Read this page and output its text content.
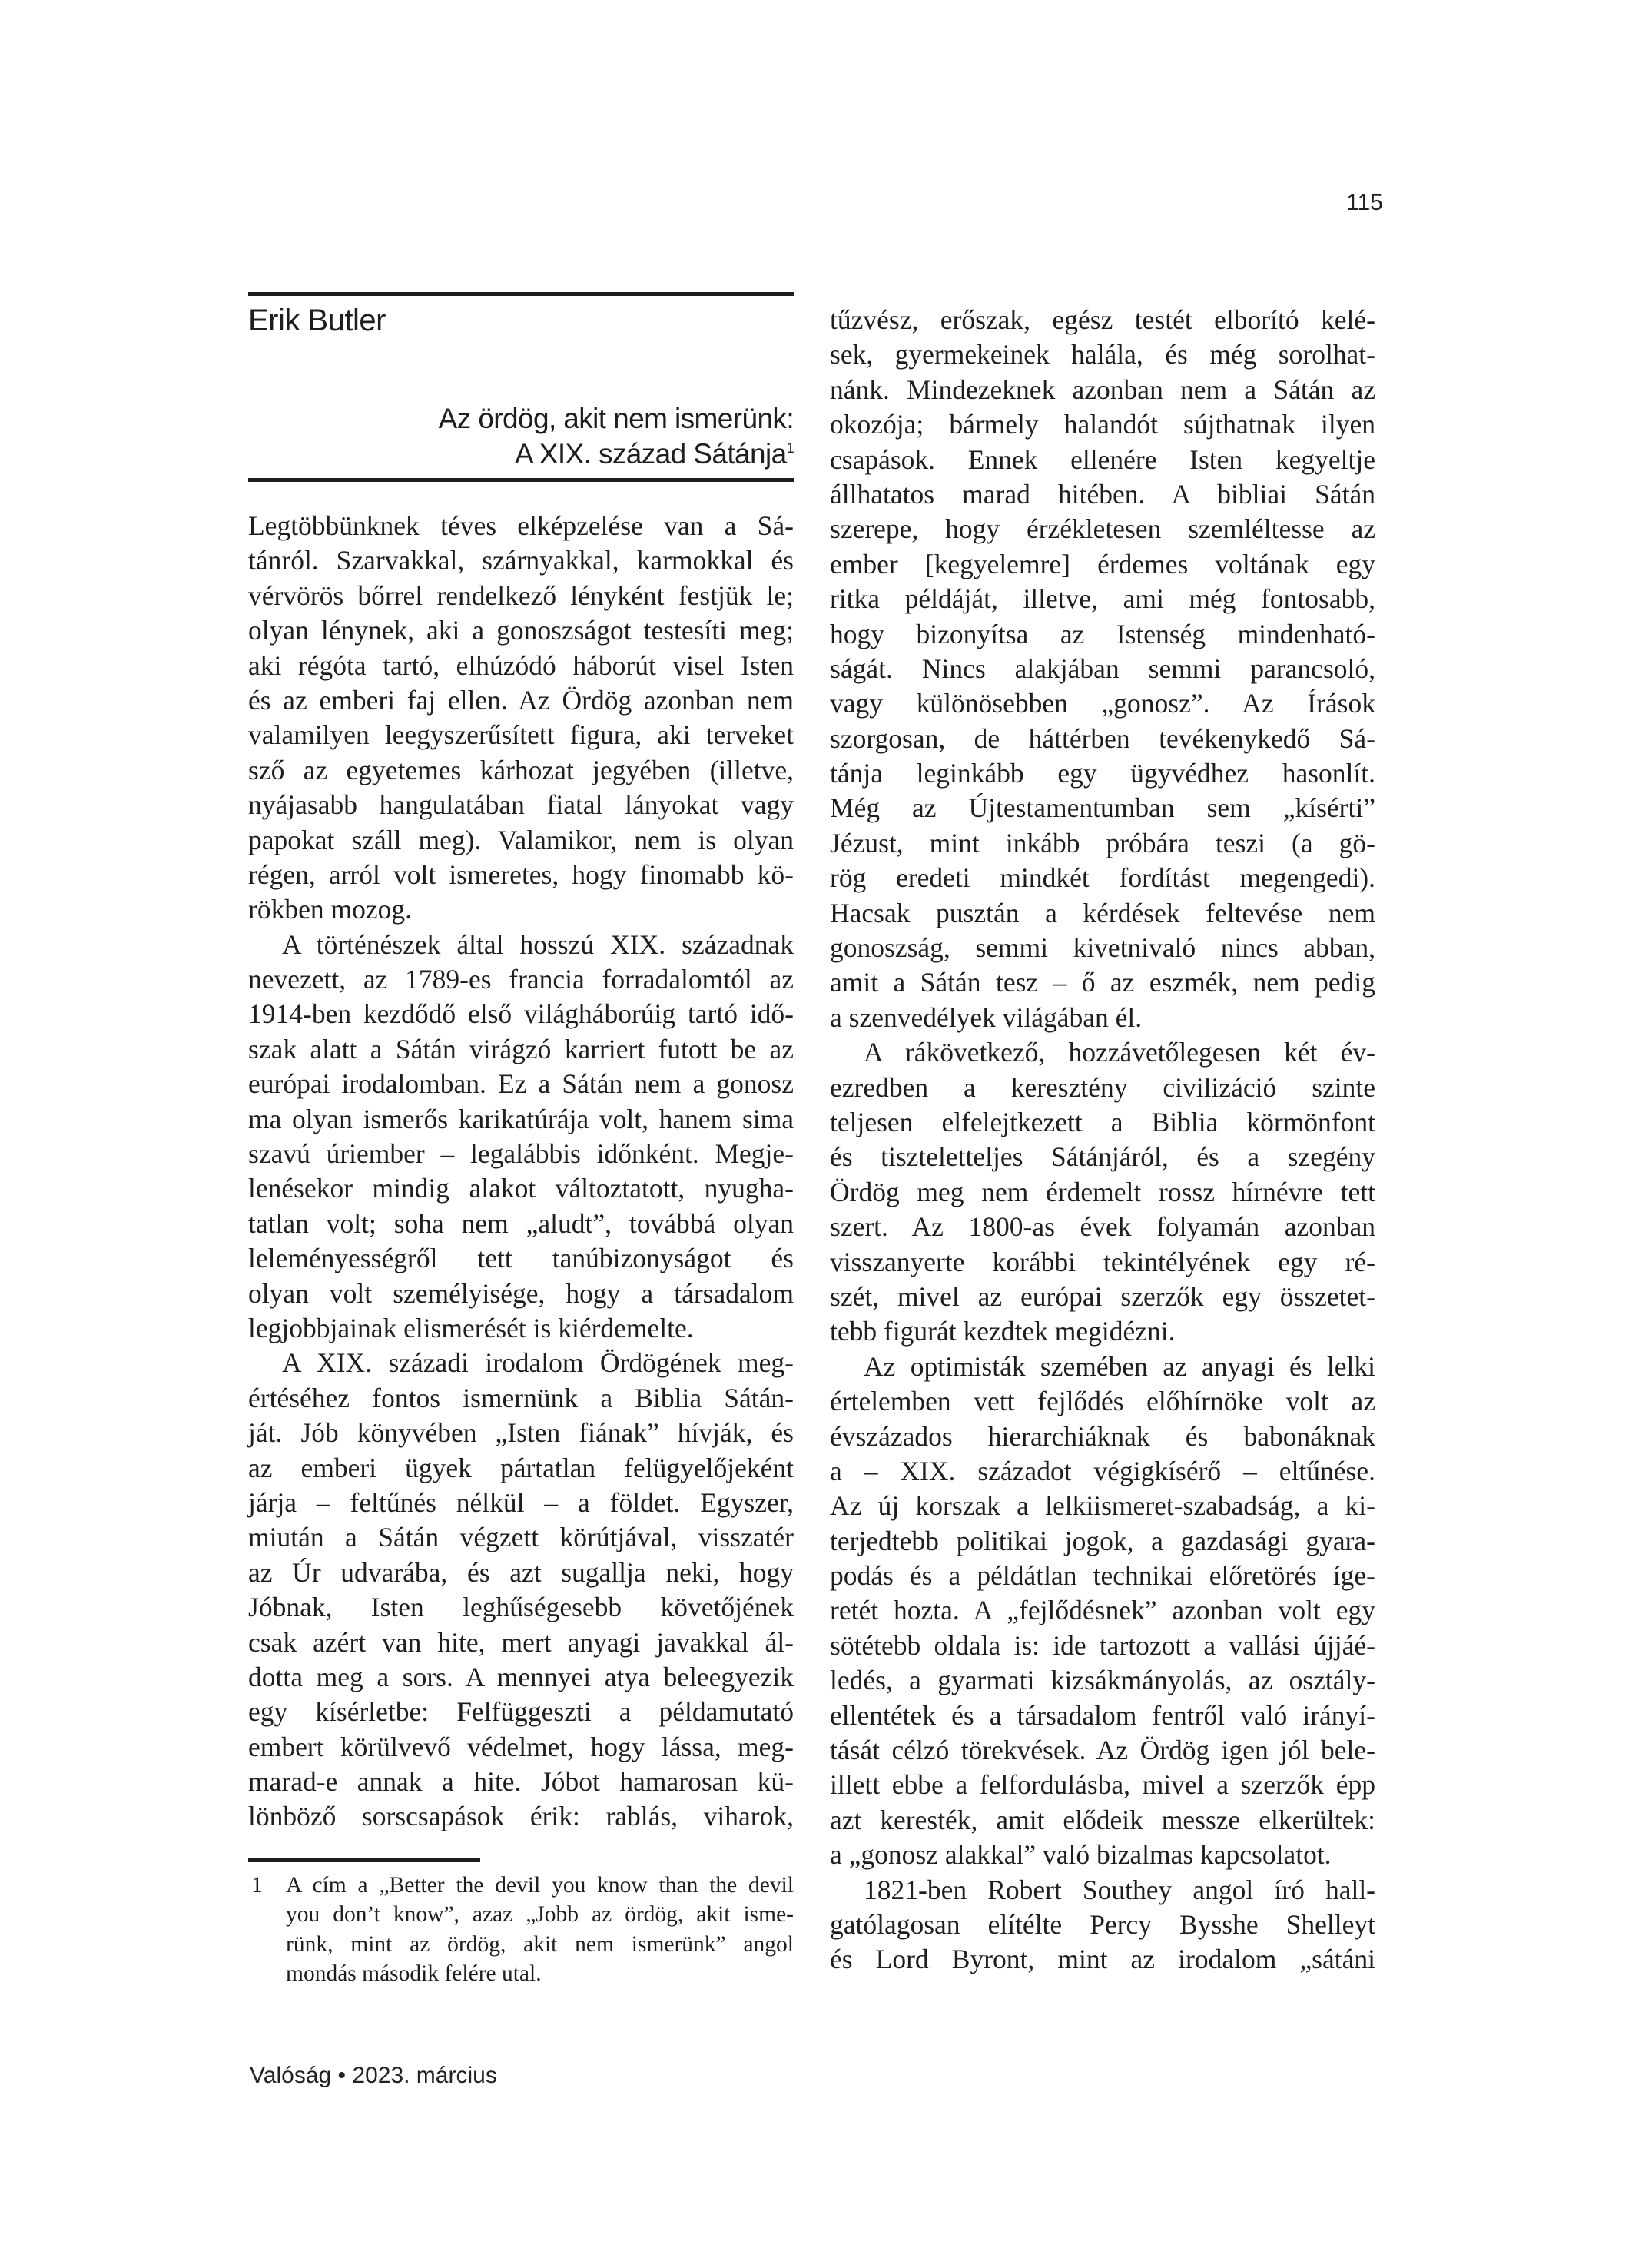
115
Erik Butler
Az ördög, akit nem ismerünk:
A XIX. század Sátánja$^1$
Legtöbbünknek téves elképzelése van a Sá-
tánról. Szarvakkal, szárnyakkal, karmokkal és
vérvörös bőrrel rendelkező lényként festjük le;
olyan lénynek, aki a gonoszságot testesíti meg;
aki régóta tartó, elhúzódó háborút visel Isten
és az emberi faj ellen. Az Ördög azonban nem
valamilyen leegyszerűsített figura, aki terveket
sző az egyetemes kárhozat jegyében (illetve,
nyájasabb hangulatában fiatal lányokat vagy
papokat száll meg). Valamikor, nem is olyan
régen, arról volt ismeretes, hogy finomabb kö-
rökben mozog.
A történészek által hosszú XIX. századnak
nevezett, az 1789-es francia forradalomtól az
1914-ben kezdődő első világháborúig tartó idő-
szak alatt a Sátán virágzó karriert futott be az
európai irodalomban. Ez a Sátán nem a gonosz
ma olyan ismerős karikatúrája volt, hanem sima
szavú úriember – legalábbis időnként. Megje-
lenésekor mindig alakot változtatott, nyugha-
tatlan volt; soha nem „aludt”, továbbá olyan
leleményességről tett tanúbizonyságot és
olyan volt személyisége, hogy a társadalom
legjobbjainak elismerését is kiérdemelte.
A XIX. századi irodalom Ördögének meg-
értéséhez fontos ismernünk a Biblia Sátán-
ját. Jób könyvében „Isten fiának” hívják, és
az emberi ügyek pártatlan felügyelőjeként
járja – feltűnés nélkül – a földet. Egyszer,
miután a Sátán végzett körútjával, visszatér
az Úr udvarába, és azt sugallja neki, hogy
Jóbnak, Isten leghűségesebb követőjének
csak azért van hite, mert anyagi javakkal ál-
dotta meg a sors. A mennyei atya beleegyezik
egy kísérletbe: Felfüggeszti a példamutató
embert körülvevő védelmet, hogy lássa, meg-
marad-e annak a hite. Jóbot hamarosan kü-
lönböző sorscsapások érik: rablás, viharok,
1 A cím a „Better the devil you know than the devil
you don’t know”, azaz „Jobb az ördög, akit isme-
rünk, mint az ördög, akit nem ismerünk” angol
mondás második felére utal.
tűzvész, erőszak, egész testét elborító kelé-
sek, gyermekeinek halála, és még sorolhat-
nánk. Mindezeknek azonban nem a Sátán az
okozója; bármely halandót sújthatnak ilyen
csapások. Ennek ellenére Isten kegyeltje
állhatatos marad hitében. A bibliai Sátán
szerepe, hogy érzékletesen szemléltesse az
ember [kegyelemre] érdemes voltának egy
ritka példáját, illetve, ami még fontosabb,
hogy bizonyítsa az Istenség mindenható-
ságát. Nincs alakjában semmi parancsoló,
vagy különösebben „gonosz”. Az Írások
szorgosan, de háttérben tevékenykedő Sá-
tánja leginkább egy ügyvédhez hasonlít.
Még az Újtestamentumban sem „kísérti”
Jézust, mint inkább próbára teszi (a gö-
rög eredeti mindkét fordítást megengedi).
Hacsak pusztán a kérdések feltevése nem
gonoszság, semmi kivetnivaló nincs abban,
amit a Sátán tesz – ő az eszmék, nem pedig
a szenvedélyek világában él.
A rákövetkező, hozzávetőlegesen két év-
ezredben a keresztény civilizáció szinte
teljesen elfelejtkezett a Biblia körmönfont
és tiszteletteljes Sátánjáról, és a szegény
Ördög meg nem érdemelt rossz hírnévre tett
szert. Az 1800-as évek folyamán azonban
visszanyerte korábbi tekintélyének egy ré-
szét, mivel az európai szerzők egy összetet-
tebb figurát kezdtek megidézni.
Az optimisták szemében az anyagi és lelki
értelemben vett fejlődés előhírnöke volt az
évszázados hierarchiáknak és babonáknak
a – XIX. századot végigkísérő – eltűnése.
Az új korszak a lelkiismeret-szabadság, a ki-
terjedtebb politikai jogok, a gazdasági gyara-
podás és a példátlan technikai előretörés íge-
retét hozta. A „fejlődésnek” azonban volt egy
sötétebb oldala is: ide tartozott a vallási újjáé-
ledés, a gyarmati kizsákmányolás, az osztály-
ellentétek és a társadalom fentről való irányí-
tását célzó törekvések. Az Ördög igen jól bele-
illett ebbe a felfordulásba, mivel a szerzők épp
azt keresték, amit elődeik messze elkerültek:
a „gonosz alakkal” való bizalmas kapcsolatot.
1821-ben Robert Southey angol író hall-
gatólagosan elítélte Percy Bysshe Shelleyt
és Lord Byront, mint az irodalom „sátáni
Valóság • 2023. március
